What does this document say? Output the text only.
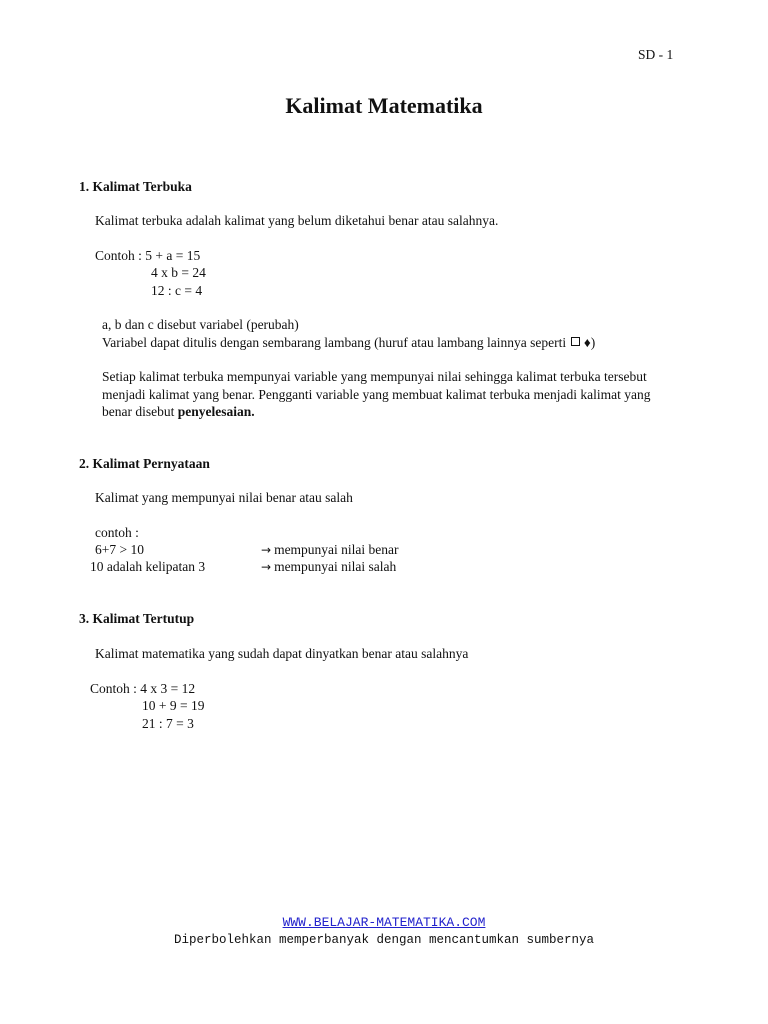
SD - 1
Kalimat Matematika
1. Kalimat Terbuka
Kalimat terbuka adalah kalimat yang belum diketahui benar atau salahnya.
Contoh : 5 + a = 15
4 x b = 24
12 : c = 4
a, b dan c disebut variabel (perubah)
Variabel dapat ditulis dengan sembarang lambang (huruf atau lambang lainnya seperti ♦)
Setiap kalimat terbuka mempunyai variable yang mempunyai nilai sehingga kalimat terbuka tersebut
menjadi kalimat yang benar. Pengganti variable yang membuat kalimat terbuka menjadi kalimat yang
benar disebut penyelesaian.
2. Kalimat Pernyataan
Kalimat yang mempunyai nilai benar atau salah
contoh :
6+7 > 10	→ mempunyai nilai benar
10 adalah kelipatan 3	→ mempunyai nilai salah
3. Kalimat Tertutup
Kalimat matematika yang sudah dapat dinyatkan benar atau salahnya
Contoh : 4 x 3 = 12
10 + 9 = 19
21 : 7 = 3
WWW.BELAJAR-MATEMATIKA.COM
Diperbolehkan memperbanyak dengan mencantumkan sumbernya
